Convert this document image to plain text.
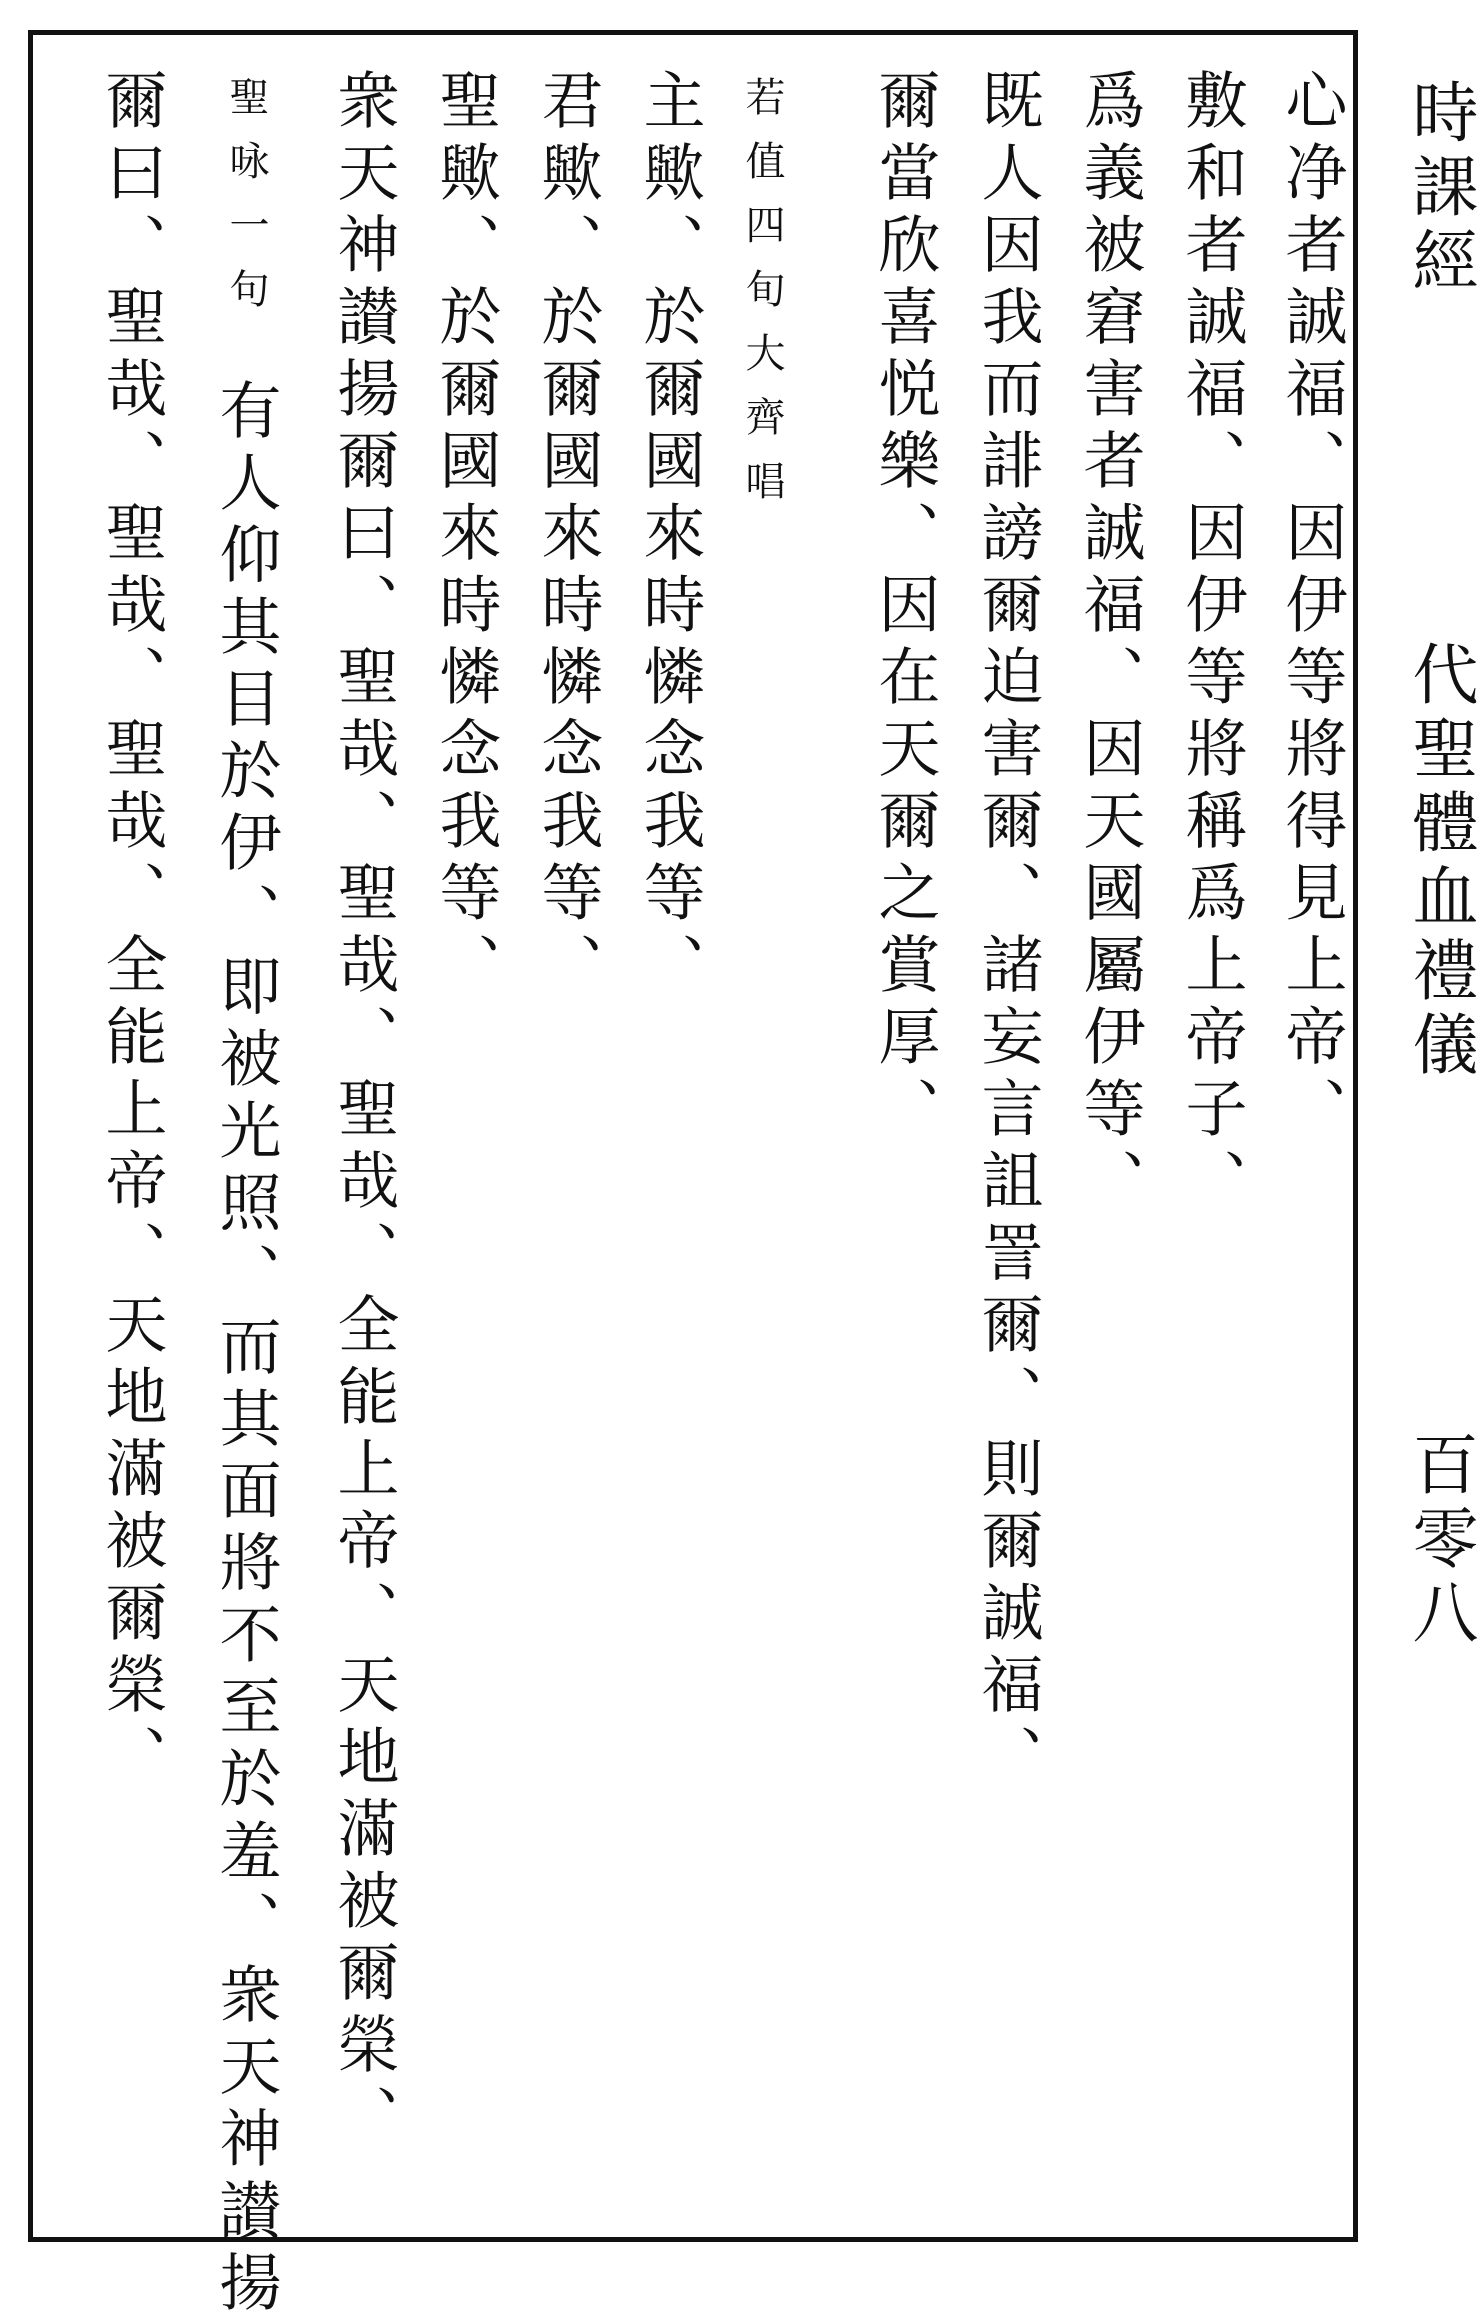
心净者誠福、因伊等將得見上帝、
敷和者誠福、因伊等將稱爲上帝子、
爲義被窘害者誠福、因天國屬伊等、
既人因我而誹謗爾迫害爾、諸妄言詛詈爾、則爾誠福、
爾當欣喜悦樂、因在天爾之賞厚、
若值四旬大齊唱
主歟、於爾國來時憐念我等、
君歟、於爾國來時憐念我等、
聖歟、於爾國來時憐念我等、
衆天神讃揚爾曰、聖哉、聖哉、聖哉、全能上帝、天地滿被爾榮、
聖咏一句
有人仰其目於伊、即被光照、而其面將不至於羞、衆天神讃揚
爾曰、聖哉、聖哉、聖哉、全能上帝、天地滿被爾榮、	時課經
代聖體血禮儀
百零八
